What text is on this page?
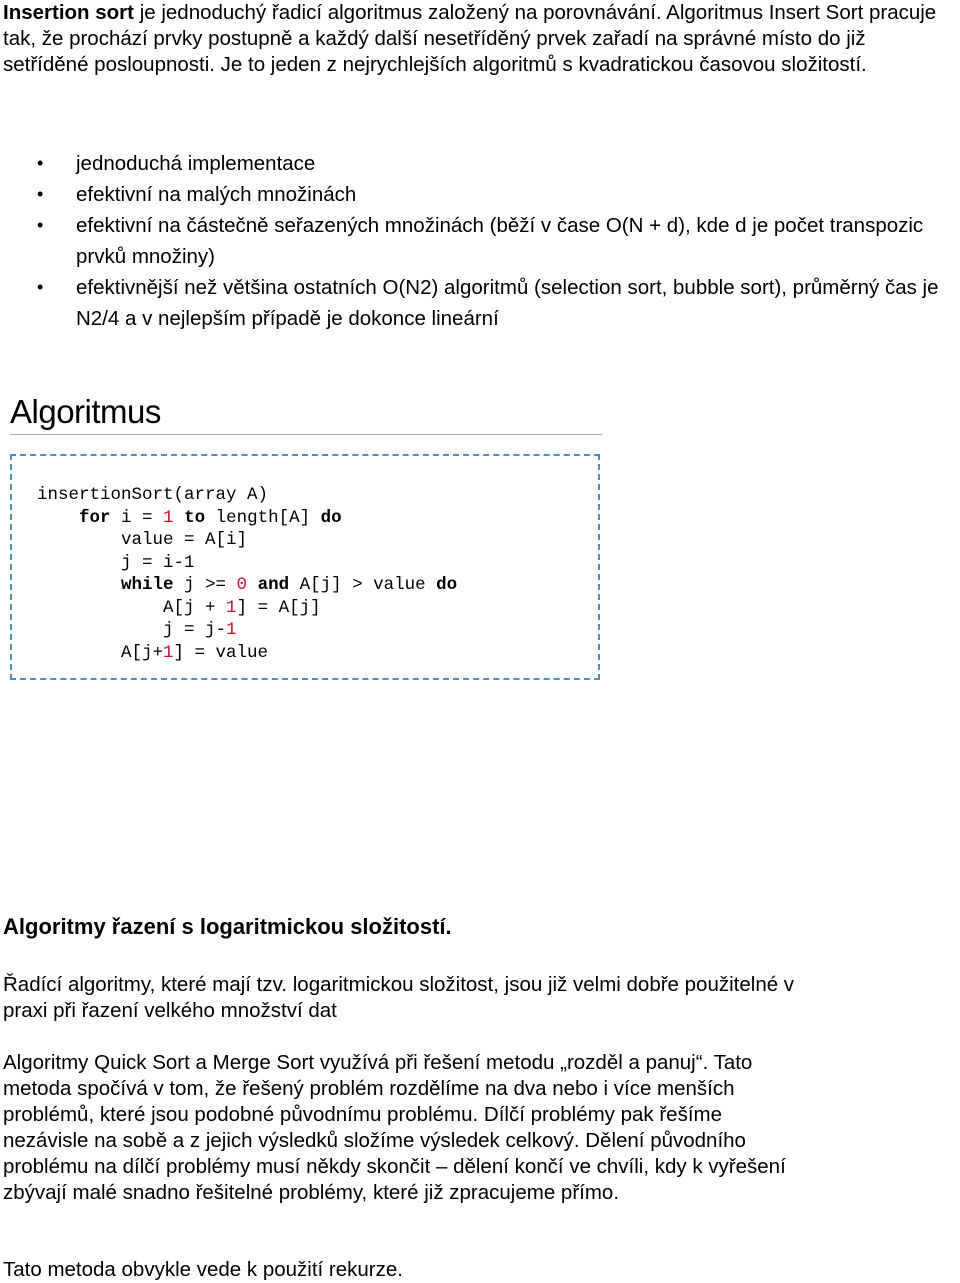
Insertion sort je jednoduchý řadicí algoritmus založený na porovnávání. Algoritmus Insert Sort pracuje tak, že prochází prvky postupně a každý další nesetříděný prvek zařadí na správné místo do již setříděné posloupnosti. Je to jeden z nejrychlejších algoritmů s kvadratickou časovou složitostí.

• jednoduchá implementace
• efektivní na malých množinách
• efektivní na částečně seřazených množinách (běží v čase O(N + d), kde d je počet transpozic prvků množiny)
• efektivnější než většina ostatních O(N2) algoritmů (selection sort, bubble sort), průměrný čas je N2/4 a v nejlepším případě je dokonce lineární
Algoritmus
insertionSort(array A)
for i = 1 to length[A] do
value = A[i]
j = i-1
while j >= 0 and A[j] > value do
A[j + 1] = A[j]
j = j-1
A[j+1] = value
Algoritmy řazení s logaritmickou složitostí.

Řadící algoritmy, které mají tzv. logaritmickou složitost, jsou již velmi dobře použitelné v praxi při řazení velkého množství dat

Algoritmy Quick Sort a Merge Sort využívá při řešení metodu „rozděl a panuj“. Tato metoda spočívá v tom, že řešený problém rozdělíme na dva nebo i více menších problémů, které jsou podobné původnímu problému. Dílčí problémy pak řešíme nezávisle na sobě a z jejich výsledků složíme výsledek celkový. Dělení původního problému na dílčí problémy musí někdy skončit – dělení končí ve chvíli, kdy k vyřešení zbývají malé snadno řešitelné problémy, které již zpracujeme přímo.

Tato metoda obvykle vede k použití rekurze.
